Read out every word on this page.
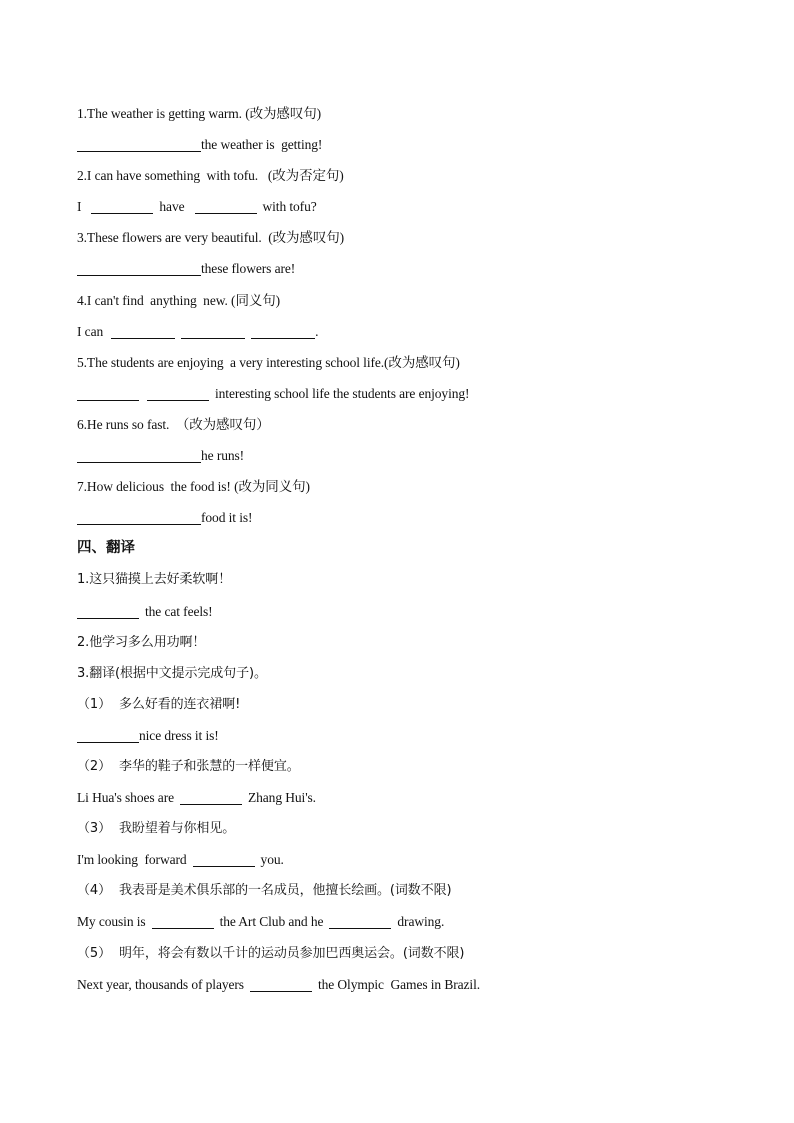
1.The weather is getting warm. (改为感叹句)
the weather is  getting!
2.I can have something  with tofu.   (改为否定句)
I	have	with tofu?
3.These flowers are very beautiful.  (改为感叹句)
these flowers are!
4.I can't find  anything  new. (同义句)
I can	.
5.The students are enjoying  a very interesting school life.(改为感叹句)
interesting school life the students are enjoying!
6.He runs so fast.  （改为感叹句）
he runs!
7.How delicious  the food is! (改为同义句)
food it is!
四、翻译
1.这只猫摸上去好柔软啊！
the cat feels!
2.他学习多么用功啊！
3.翻译(根据中文提示完成句子)。
（1）  多么好看的连衣裙啊!
nice dress it is!
（2）  李华的鞋子和张慧的一样便宜。
Li Hua's shoes are	Zhang Hui's.
（3）  我盼望着与你相见。
I'm looking  forward	you.
（4）  我表哥是美术俱乐部的一名成员，他擅长绘画。(词数不限)
My cousin is	the Art Club and he	drawing.
（5）  明年，将会有数以千计的运动员参加巴西奥运会。(词数不限)
Next year, thousands of players	the Olympic  Games in Brazil.
